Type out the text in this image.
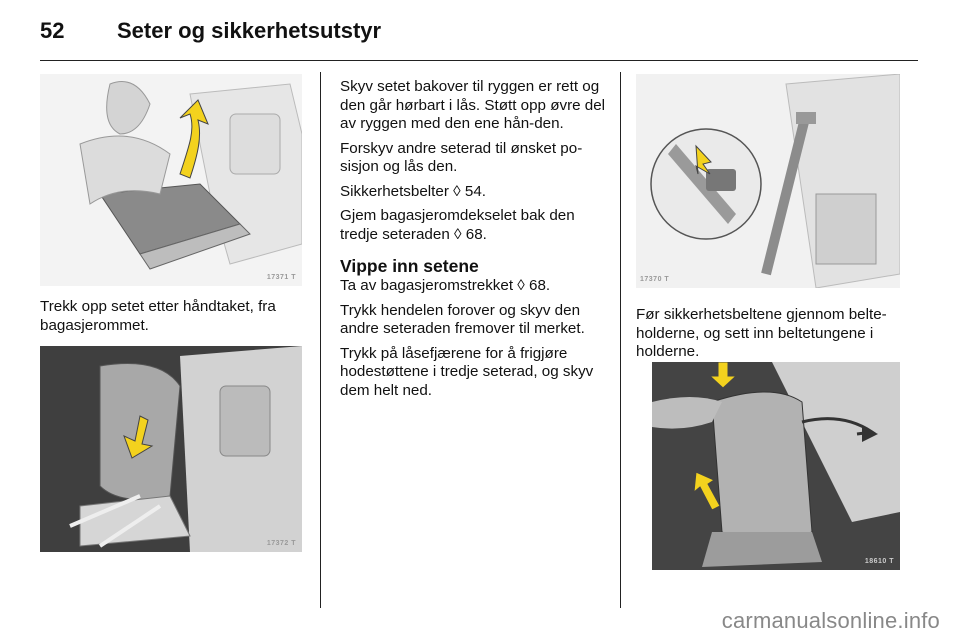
52 Seter og sikkerhetsutstyr
17371 T
Trekk opp setet etter håndtaket, fra bagasjerommet.
17372 T

Skyv setet bakover til ryggen er rett og den går hørbart i lås. Støtt opp øvre del av ryggen med den ene hån-den.

Forskyv andre seterad til ønsket po-sisjon og lås den.

Sikkerhetsbelter ◊ 54.

Gjem bagasjeromdekselet bak den tredje seteraden ◊ 68.

Vippe inn setene

Ta av bagasjeromstrekket ◊ 68.

Trykk hendelen forover og skyv den andre seteraden fremover til merket.

Trykk på låsefjærene for å frigjøre hodestøttene i tredje seterad, og skyv dem helt ned.

17370 T
Før sikkerhetsbeltene gjennom belte-holderne, og sett inn beltetungene i holderne.
18610 T
carmanualsonline.info
